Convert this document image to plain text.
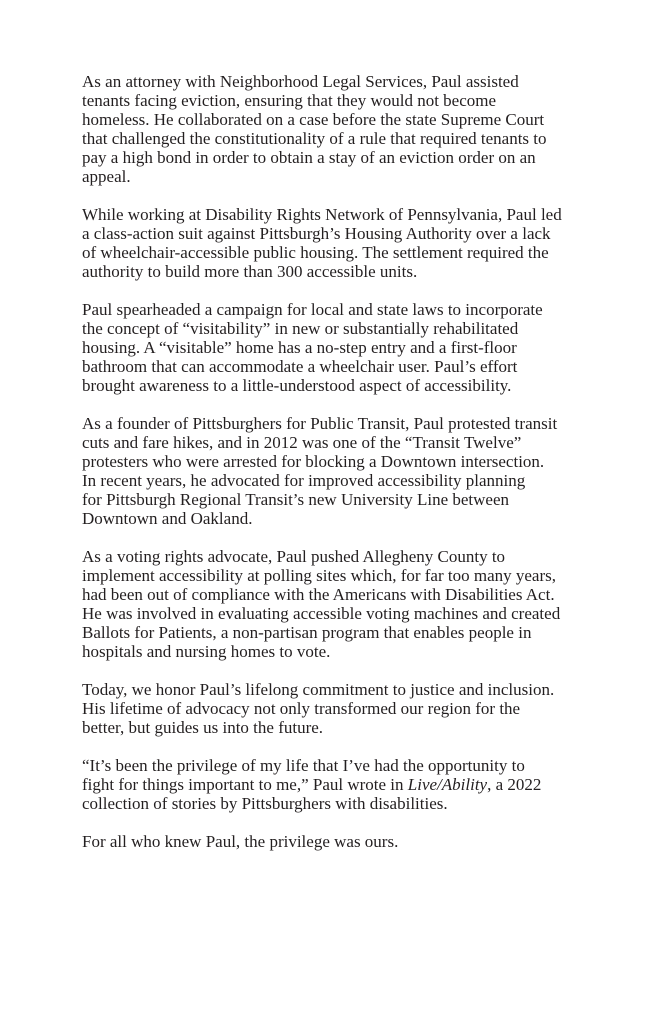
As an attorney with Neighborhood Legal Services, Paul assisted
tenants facing eviction, ensuring that they would not become
homeless. He collaborated on a case before the state Supreme Court
that challenged the constitutionality of a rule that required tenants to
pay a high bond in order to obtain a stay of an eviction order on an
appeal.

While working at Disability Rights Network of Pennsylvania, Paul led
a class-action suit against Pittsburgh’s Housing Authority over a lack
of wheelchair-accessible public housing. The settlement required the
authority to build more than 300 accessible units.

Paul spearheaded a campaign for local and state laws to incorporate
the concept of “visitability” in new or substantially rehabilitated
housing. A “visitable” home has a no-step entry and a first-floor
bathroom that can accommodate a wheelchair user. Paul’s effort
brought awareness to a little-understood aspect of accessibility.

As a founder of Pittsburghers for Public Transit, Paul protested transit
cuts and fare hikes, and in 2012 was one of the “Transit Twelve”
protesters who were arrested for blocking a Downtown intersection.
In recent years, he advocated for improved accessibility planning
for Pittsburgh Regional Transit’s new University Line between
Downtown and Oakland.

As a voting rights advocate, Paul pushed Allegheny County to
implement accessibility at polling sites which, for far too many years,
had been out of compliance with the Americans with Disabilities Act.
He was involved in evaluating accessible voting machines and created
Ballots for Patients, a non-partisan program that enables people in
hospitals and nursing homes to vote.

Today, we honor Paul’s lifelong commitment to justice and inclusion.
His lifetime of advocacy not only transformed our region for the
better, but guides us into the future.

“It’s been the privilege of my life that I’ve had the opportunity to
fight for things important to me,” Paul wrote in Live/Ability, a 2022
collection of stories by Pittsburghers with disabilities.

For all who knew Paul, the privilege was ours.
